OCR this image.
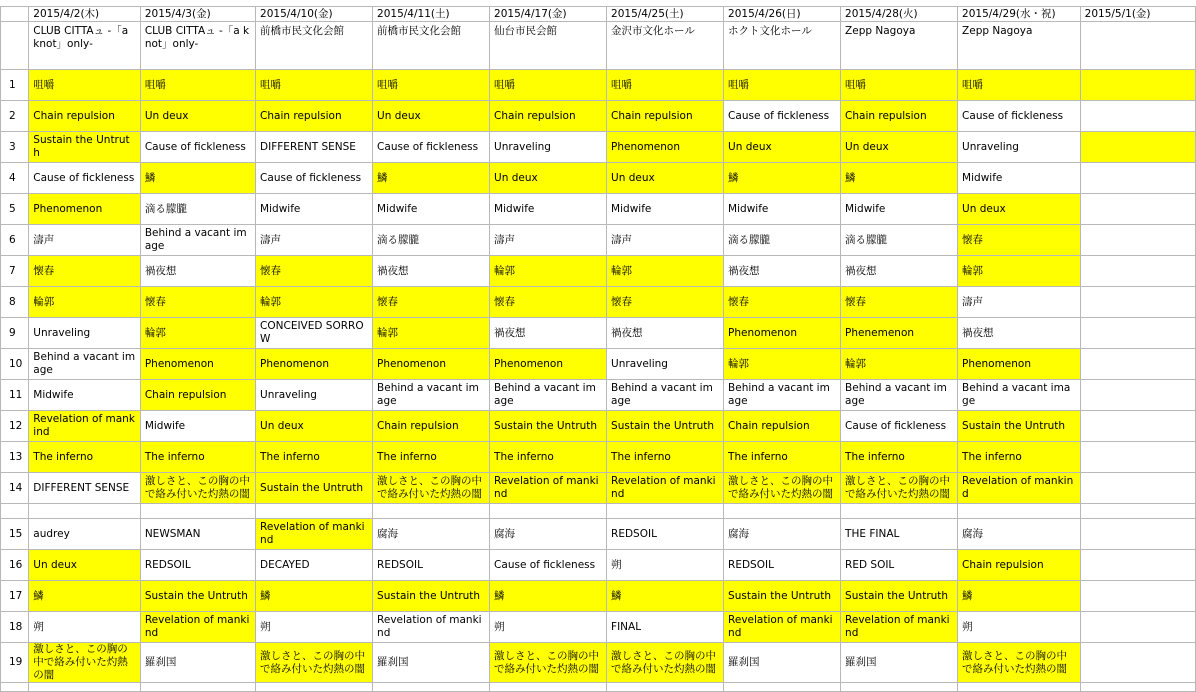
	2015/4/2(木)	2015/4/3(金)	2015/4/10(金)	2015/4/11(土)	2015/4/17(金)	2015/4/25(土)	2015/4/26(日)	2015/4/28(火)	2015/4/29(水・祝)	2015/5/1(金)
	CLUB CITTAュ -「a knot」only-	CLUB CITTAュ -「a knot」only-	前橋市民文化会館	前橋市民文化会館	仙台市民会館	金沢市文化ホール	ホクト文化ホール	Zepp Nagoya	Zepp Nagoya	
1	咀嚼	咀嚼	咀嚼	咀嚼	咀嚼	咀嚼	咀嚼	咀嚼	咀嚼	
2	Chain repulsion	Un deux	Chain repulsion	Un deux	Chain repulsion	Chain repulsion	Cause of fickleness	Chain repulsion	Cause of fickleness	
3	Sustain the Untruth	Cause of fickleness	DIFFERENT SENSE	Cause of fickleness	Unraveling	Phenomenon	Un deux	Un deux	Unraveling	
4	Cause of fickleness	鱗	Cause of fickleness	鱗	Un deux	Un deux	鱗	鱗	Midwife	
5	Phenomenon	滴る朦朧	Midwife	Midwife	Midwife	Midwife	Midwife	Midwife	Un deux	
6	濤声	Behind a vacant image	濤声	滴る朦朧	濤声	濤声	滴る朦朧	滴る朦朧	懐春	
7	懐春	禍夜想	懐春	禍夜想	輪郭	輪郭	禍夜想	禍夜想	輪郭	
8	輪郭	懐春	輪郭	懐春	懐春	懐春	懐春	懐春	濤声	
9	Unraveling	輪郭	CONCEIVED SORROW	輪郭	禍夜想	禍夜想	Phenomenon	Phenemenon	禍夜想	
10	Behind a vacant image	Phenomenon	Phenomenon	Phenomenon	Phenomenon	Unraveling	輪郭	輪郭	Phenomenon	
11	Midwife	Chain repulsion	Unraveling	Behind a vacant image	Behind a vacant image	Behind a vacant image	Behind a vacant image	Behind a vacant image	Behind a vacant image	
12	Revelation of mankind	Midwife	Un deux	Chain repulsion	Sustain the Untruth	Sustain the Untruth	Chain repulsion	Cause of fickleness	Sustain the Untruth	
13	The inferno	The inferno	The inferno	The inferno	The inferno	The inferno	The inferno	The inferno	The inferno	
14	DIFFERENT SENSE	激しさと、この胸の中で絡み付いた灼熱の闇	Sustain the Untruth	激しさと、この胸の中で絡み付いた灼熱の闇	Revelation of mankind	Revelation of mankind	激しさと、この胸の中で絡み付いた灼熱の闇	激しさと、この胸の中で絡み付いた灼熱の闇	Revelation of mankind	

15	audrey	NEWSMAN	Revelation of mankind	腐海	腐海	REDSOIL	腐海	THE FINAL	腐海	
16	Un deux	REDSOIL	DECAYED	REDSOIL	Cause of fickleness	朔	REDSOIL	RED SOIL	Chain repulsion	
17	鱗	Sustain the Untruth	鱗	Sustain the Untruth	鱗	鱗	Sustain the Untruth	Sustain the Untruth	鱗	
18	朔	Revelation of mankind	朔	Revelation of mankind	朔	FINAL	Revelation of mankind	Revelation of mankind	朔	
19	激しさと、この胸の中で絡み付いた灼熱の闇	羅刹国	激しさと、この胸の中で絡み付いた灼熱の闇	羅刹国	激しさと、この胸の中で絡み付いた灼熱の闇	激しさと、この胸の中で絡み付いた灼熱の闇	羅刹国	羅刹国	激しさと、この胸の中で絡み付いた灼熱の闇	
